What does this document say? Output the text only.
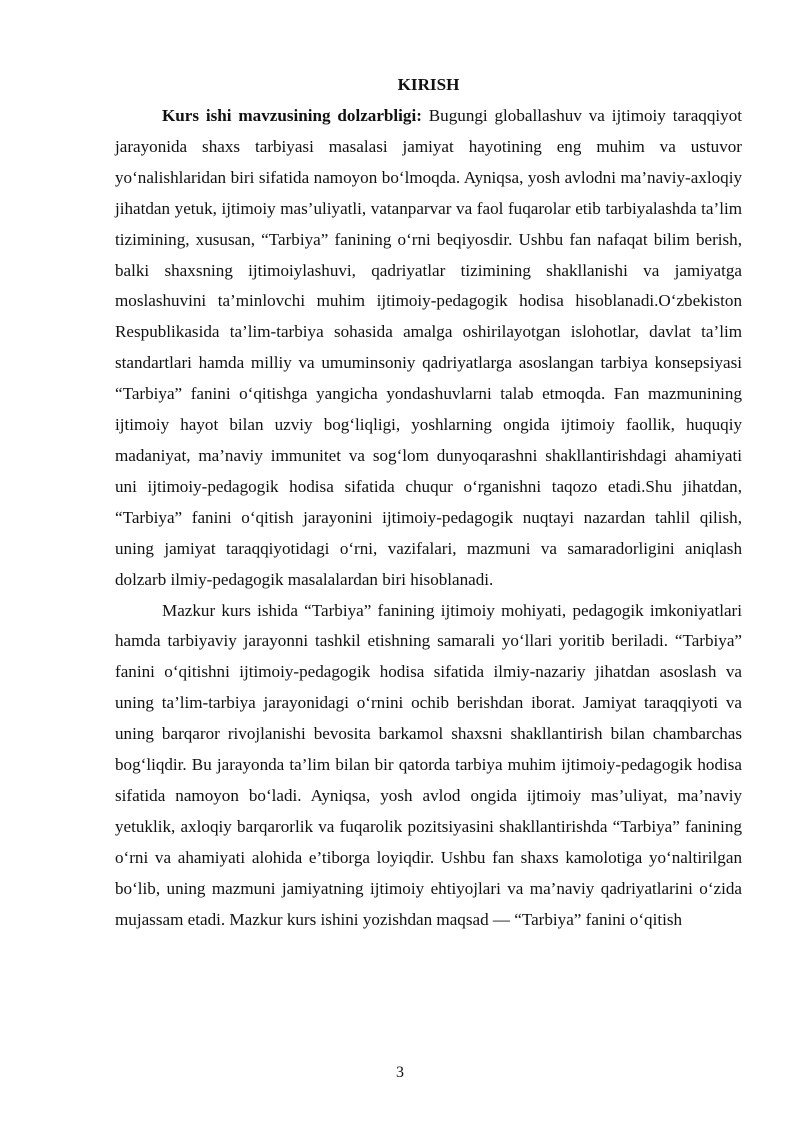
KIRISH

Kurs ishi mavzusining dolzarbligi: Bugungi globallashuv va ijtimoiy taraqqiyot jarayonida shaxs tarbiyasi masalasi jamiyat hayotining eng muhim va ustuvor yo‘nalishlaridan biri sifatida namoyon bo‘lmoqda. Ayniqsa, yosh avlodni ma’naviy-axloqiy jihatdan yetuk, ijtimoiy mas’uliyatli, vatanparvar va faol fuqarolar etib tarbiyalashda ta’lim tizimining, xususan, “Tarbiya” fanining o‘rni beqiyosdir. Ushbu fan nafaqat bilim berish, balki shaxsning ijtimoiylashuvi, qadriyatlar tizimining shakllanishi va jamiyatga moslashuvini ta’minlovchi muhim ijtimoiy-pedagogik hodisa hisoblanadi.O‘zbekiston Respublikasida ta’lim-tarbiya sohasida amalga oshirilayotgan islohotlar, davlat ta’lim standartlari hamda milliy va umuminsoniy qadriyatlarga asoslangan tarbiya konsepsiyasi “Tarbiya” fanini o‘qitishga yangicha yondashuvlarni talab etmoqda. Fan mazmunining ijtimoiy hayot bilan uzviy bog‘liqligi, yoshlarning ongida ijtimoiy faollik, huquqiy madaniyat, ma’naviy immunitet va sog‘lom dunyoqarashni shakllantirishdagi ahamiyati uni ijtimoiy-pedagogik hodisa sifatida chuqur o‘rganishni taqozo etadi.Shu jihatdan, “Tarbiya” fanini o‘qitish jarayonini ijtimoiy-pedagogik nuqtayi nazardan tahlil qilish, uning jamiyat taraqqiyotidagi o‘rni, vazifalari, mazmuni va samaradorligini aniqlash dolzarb ilmiy-pedagogik masalalardan biri hisoblanadi.

Mazkur kurs ishida “Tarbiya” fanining ijtimoiy mohiyati, pedagogik imkoniyatlari hamda tarbiyaviy jarayonni tashkil etishning samarali yo‘llari yoritib beriladi. “Tarbiya” fanini o‘qitishni ijtimoiy-pedagogik hodisa sifatida ilmiy-nazariy jihatdan asoslash va uning ta’lim-tarbiya jarayonidagi o‘rnini ochib berishdan iborat. Jamiyat taraqqiyoti va uning barqaror rivojlanishi bevosita barkamol shaxsni shakllantirish bilan chambarchas bog‘liqdir. Bu jarayonda ta’lim bilan bir qatorda tarbiya muhim ijtimoiy-pedagogik hodisa sifatida namoyon bo‘ladi. Ayniqsa, yosh avlod ongida ijtimoiy mas’uliyat, ma’naviy yetuklik, axloqiy barqarorlik va fuqarolik pozitsiyasini shakllantirishda “Tarbiya” fanining o‘rni va ahamiyati alohida e’tiborga loyiqdir. Ushbu fan shaxs kamolotiga yo‘naltirilgan bo‘lib, uning mazmuni jamiyatning ijtimoiy ehtiyojlari va ma’naviy qadriyatlarini o‘zida mujassam etadi. Mazkur kurs ishini yozishdan maqsad — “Tarbiya” fanini o‘qitish

3
